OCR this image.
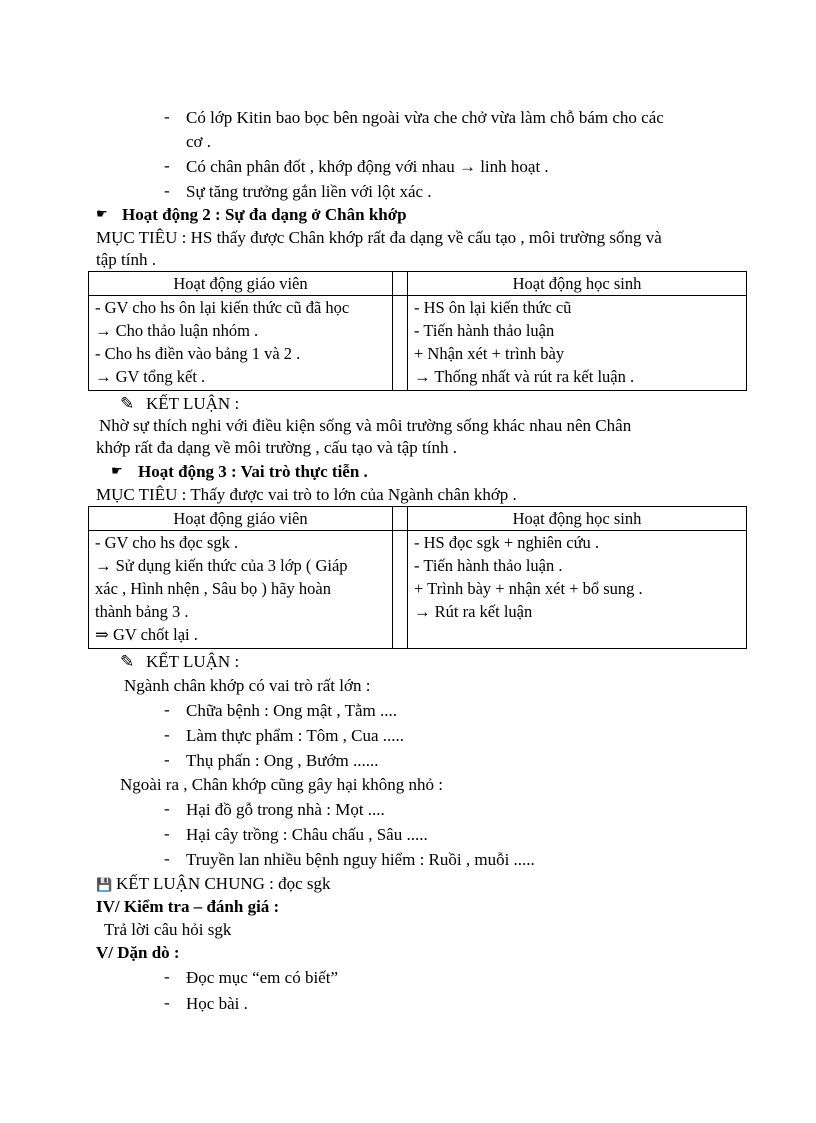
- Có lớp Kitin bao bọc bên ngoài vừa che chở vừa làm chỗ bám cho các
cơ .
- Có chân phân đốt , khớp động với nhau → linh hoạt .
- Sự tăng trưởng gắn liền với lột xác .
☛ Hoạt động 2 : Sự đa dạng ở Chân khớp
MỤC TIÊU : HS thấy được Chân khớp rất đa dạng về cấu tạo , môi trường sống và
tập tính .
Hoạt động giáo viên		Hoạt động học sinh

- GV cho hs ôn lại kiến thức cũ đã học
→ Cho thảo luận nhóm .
- Cho hs điền vào bảng 1 và 2 .
→ GV tổng kết .		- HS ôn lại kiến thức cũ
- Tiến hành thảo luận
+ Nhận xét + trình bày
→ Thống nhất và rút ra kết luận .
✎ KẾT LUẬN :
Nhờ sự thích nghi với điều kiện sống và môi trường sống khác nhau nên Chân
khớp rất đa dạng về môi trường , cấu tạo và tập tính .
☛ Hoạt động 3 : Vai trò thực tiễn .
MỤC TIÊU : Thấy được vai trò to lớn của Ngành chân khớp .
Hoạt động giáo viên		Hoạt động học sinh

- GV cho hs đọc sgk .
→ Sử dụng kiến thức của 3 lớp ( Giáp
xác , Hình nhện , Sâu bọ ) hãy hoàn
thành bảng 3 .
⇒ GV chốt lại .		- HS đọc sgk + nghiên cứu .
- Tiến hành thảo luận .
+ Trình bày + nhận xét + bổ sung .
→ Rút ra kết luận
✎ KẾT LUẬN :
Ngành chân khớp có vai trò rất lớn :
- Chữa bệnh : Ong mật , Tằm ....
- Làm thực phẩm : Tôm , Cua .....
- Thụ phấn : Ong , Bướm ......
Ngoài ra , Chân khớp cũng gây hại không nhỏ :
- Hại đồ gỗ trong nhà : Mọt ....
- Hại cây trồng : Châu chấu , Sâu .....
- Truyền lan nhiều bệnh nguy hiểm : Ruồi , muỗi .....
💾 KẾT LUẬN CHUNG : đọc sgk
IV/ Kiểm tra – đánh giá :
Trả lời câu hỏi sgk
V/ Dặn dò :
- Đọc mục “em có biết”
- Học bài .
